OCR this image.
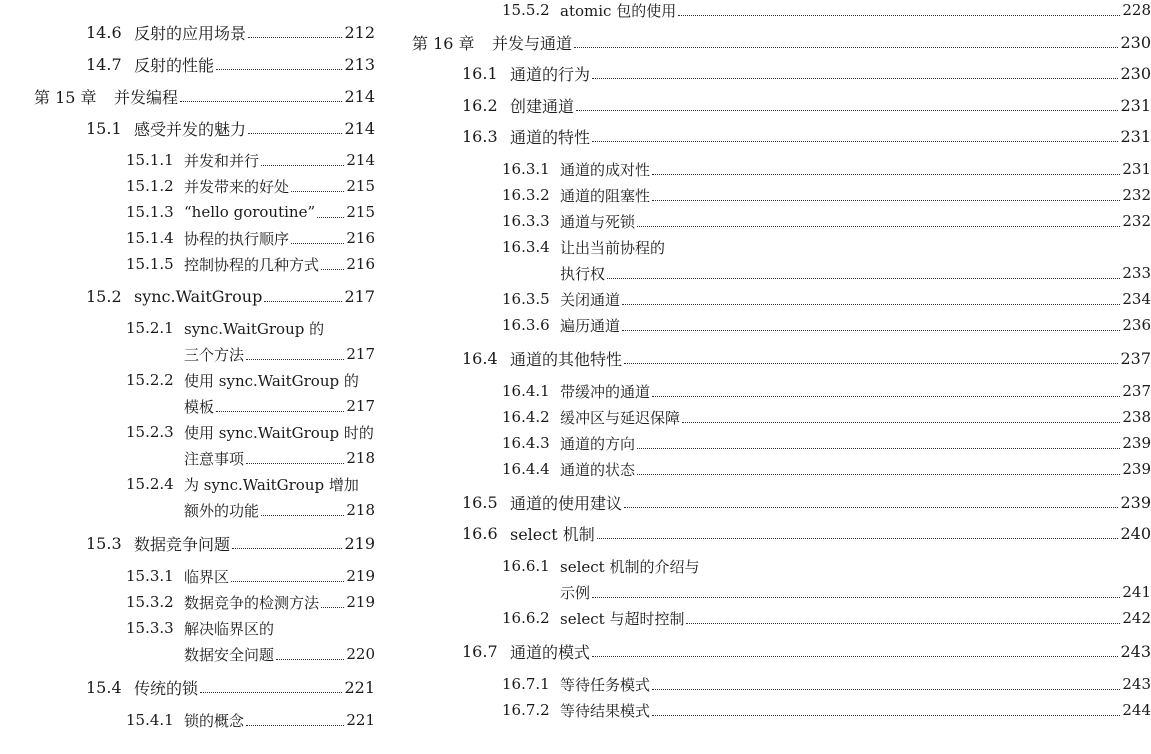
14.6 反射的应用场景	212
14.7 反射的性能	213
第 15 章	并发编程	214
15.1 感受并发的魅力	214
15.1.1 并发和并行	214
15.1.2 并发带来的好处	215
15.1.3 “hello goroutine” 215
15.1.4 协程的执行顺序	216
15.1.5 控制协程的几种方式 216
15.2 sync.WaitGroup	217
15.2.1 sync.WaitGroup 的
三个方法	217
15.2.2 使用 sync.WaitGroup 的
模板	217
15.2.3 使用 sync.WaitGroup 时的
注意事项	218
15.2.4 为 sync.WaitGroup 增加
额外的功能	218
15.3 数据竞争问题	219
15.3.1 临界区	219
15.3.2 数据竞争的检测方法 219
15.3.3 解决临界区的
数据安全问题	220
15.4 传统的锁	221
15.4.1 锁的概念	221
15.5.2 atomic 包的使用	228
第 16 章	并发与通道	230
16.1 通道的行为	230
16.2 创建通道	231
16.3 通道的特性	231
16.3.1 通道的成对性	231
16.3.2 通道的阻塞性	232
16.3.3 通道与死锁	232
16.3.4 让出当前协程的
执行权	233
16.3.5 关闭通道	234
16.3.6 遍历通道	236
16.4 通道的其他特性	237
16.4.1 带缓冲的通道	237
16.4.2 缓冲区与延迟保障	238
16.4.3 通道的方向	239
16.4.4 通道的状态	239
16.5 通道的使用建议	239
16.6 select 机制	240
16.6.1 select 机制的介绍与
示例	241
16.6.2 select 与超时控制	242
16.7 通道的模式	243
16.7.1 等待任务模式	243
16.7.2 等待结果模式	244
